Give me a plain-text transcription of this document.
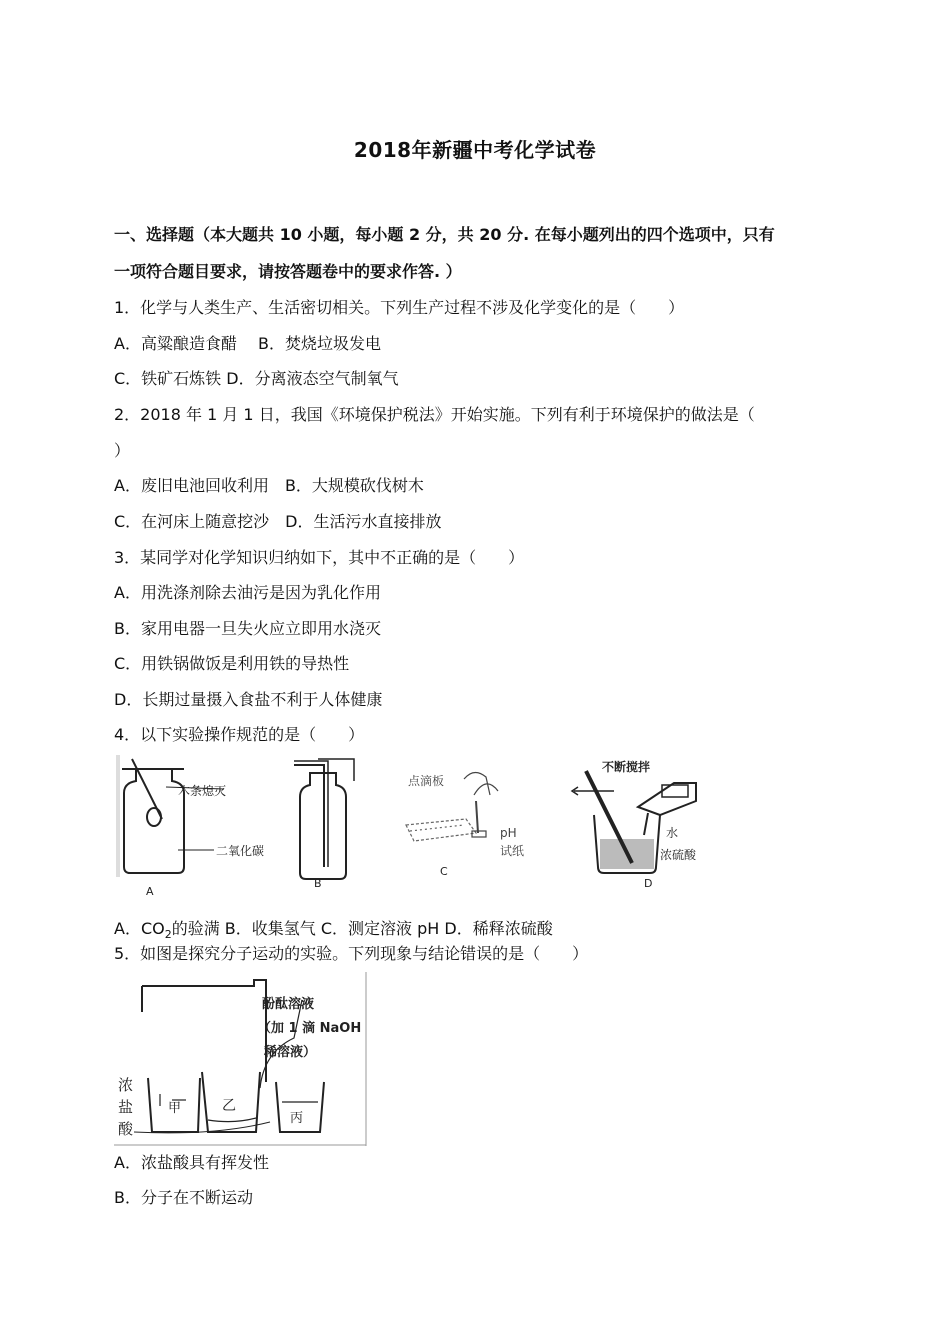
2018年新疆中考化学试卷
一、选择题（本大题共 10 小题，每小题 2 分，共 20 分. 在每小题列出的四个选项中，只有
一项符合题目要求，请按答题卷中的要求作答. ）
1．化学与人类生产、生活密切相关。下列生产过程不涉及化学变化的是（　　）
A．高粱酿造食醋　 B．焚烧垃圾发电
C．铁矿石炼铁 D．分离液态空气制氧气
2．2018 年 1 月 1 日，我国《环境保护税法》开始实施。下列有利于环境保护的做法是（
）
A．废旧电池回收利用　B．大规模砍伐树木
C．在河床上随意挖沙　D．生活污水直接排放
3．某同学对化学知识归纳如下，其中不正确的是（　　）
A．用洗涤剂除去油污是因为乳化作用
B．家用电器一旦失火应立即用水浇灭
C．用铁锅做饭是利用铁的导热性
D．长期过量摄入食盐不利于人体健康
4．以下实验操作规范的是（　　）
木条熄灭
二氧化碳
A
B
点滴板
pH
试纸
C
不断搅拌
水
浓硫酸
D
A．$CO_2$的验满 B．收集氢气 C．测定溶液 pH D．稀释浓硫酸
5．如图是探究分子运动的实验。下列现象与结论错误的是（　　）
酚酞溶液
（加 1 滴 NaOH
稀溶液）
浓
盐
酸
甲	乙
丙
A．浓盐酸具有挥发性
B．分子在不断运动
